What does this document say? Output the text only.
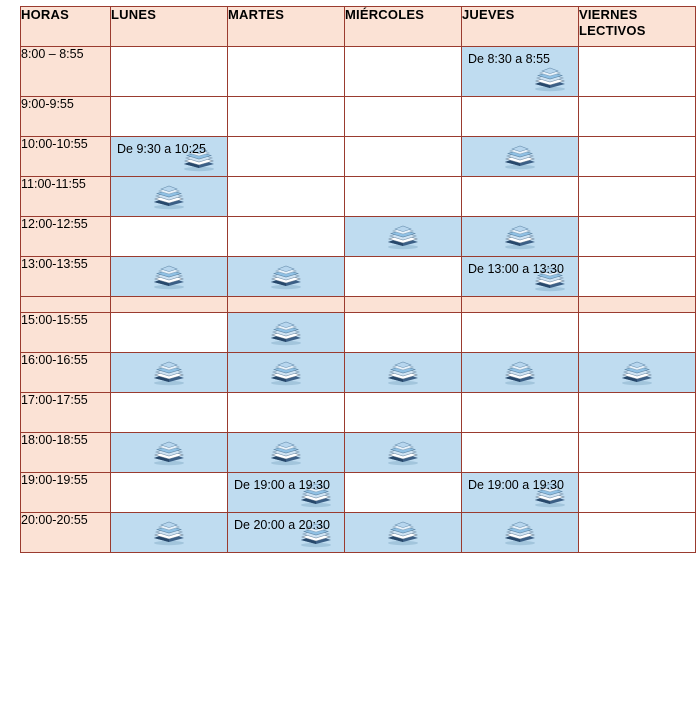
HORAS	LUNES	MARTES	MIÉRCOLES	JUEVES	VIERNES LECTIVOS
8:00 – 8:55				De 8:30 a 8:55	

9:00-9:55					
10:00-10:55	De 9:30 a 10:25

11:00-11:55	

12:00-12:55			

13:00-13:55				De 13:00 a 13:30	

15:00-15:55		

16:00-16:55	

17:00-17:55					
18:00-18:55	

19:00-19:55		De 19:00 a 19:30		De 19:00 a 19:30	

20:00-20:55		De 20:00 a 20:30
